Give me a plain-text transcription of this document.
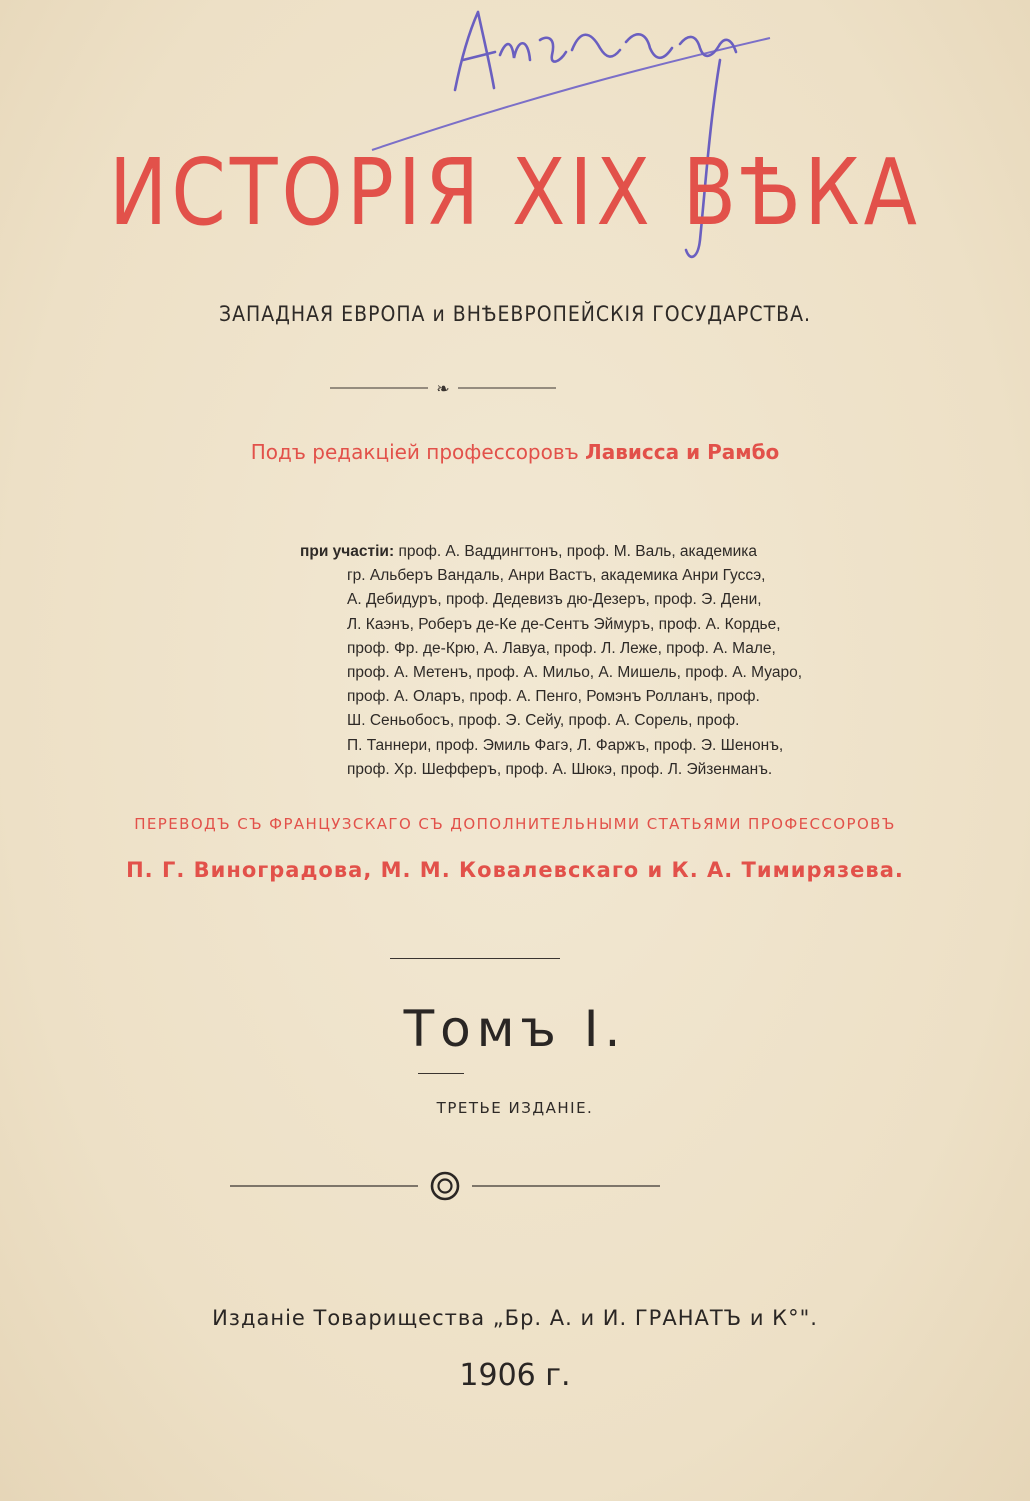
ИСТОРІЯ XIX ВѢКА
ЗАПАДНАЯ ЕВРОПА и ВНѢЕВРОПЕЙСКІЯ ГОСУДАРСТВА.
❧
Подъ редакціей профессоровъ Лависса и Рамбо
при участіи: проф. А. Ваддингтонъ, проф. М. Валь, академика
гр. Альберъ Вандаль, Анри Вастъ, академика Анри Гуссэ,
А. Дебидуръ, проф. Дедевизъ дю-Дезеръ, проф. Э. Дени,
Л. Каэнъ, Роберъ де-Ке де-Сентъ Эймуръ, проф. А. Кордье,
проф. Фр. де-Крю, А. Лавуа, проф. Л. Леже, проф. А. Мале,
проф. А. Метенъ, проф. А. Мильо, А. Мишель, проф. А. Муаро,
проф. А. Оларъ, проф. А. Пенго, Ромэнъ Ролланъ, проф.
Ш. Сеньобосъ, проф. Э. Сейу, проф. А. Сорель, проф.
П. Таннери, проф. Эмиль Фагэ, Л. Фаржъ, проф. Э. Шенонъ,
проф. Хр. Шефферъ, проф. А. Шюкэ, проф. Л. Эйзенманъ.
ПЕРЕВОДЪ СЪ ФРАНЦУЗСКАГО СЪ ДОПОЛНИТЕЛЬНЫМИ СТАТЬЯМИ ПРОФЕССОРОВЪ
П. Г. Виноградова, М. М. Ковалевскаго и К. А. Тимирязева.
Томъ I.
ТРЕТЬЕ ИЗДАНІЕ.
Изданіе Товарищества „Бр. А. и И. ГРАНАТЪ и К°".
1906 г.
